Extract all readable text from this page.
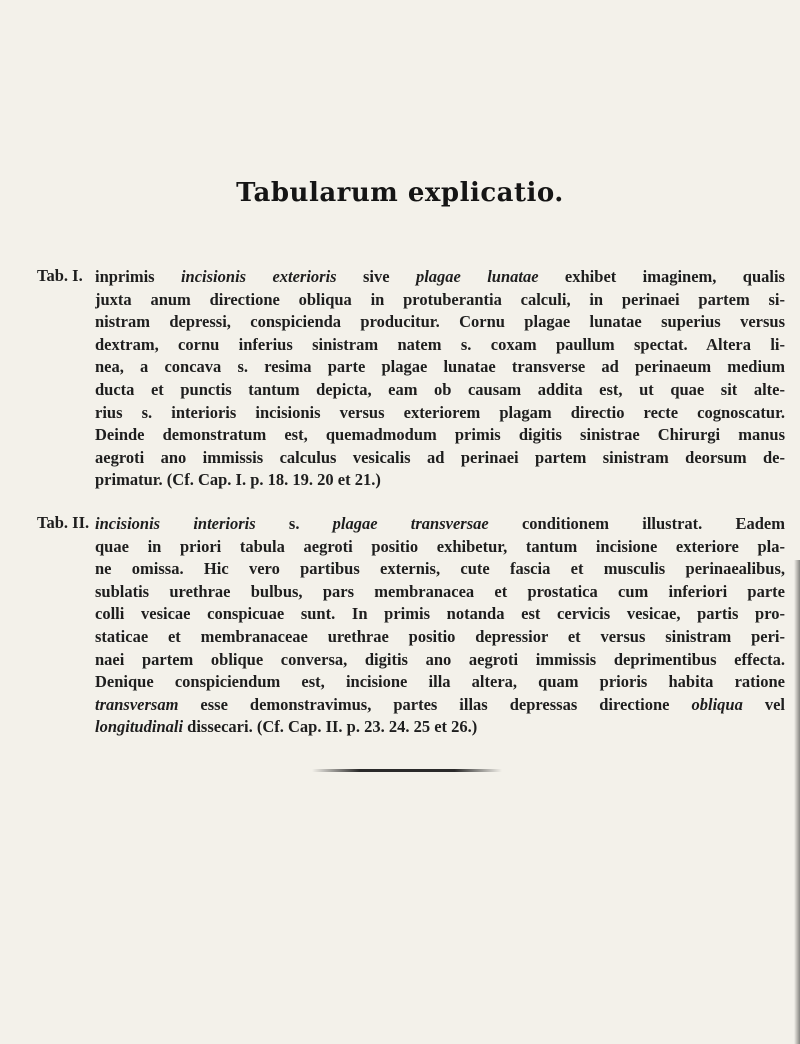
Tabularum explicatio.
Tab. I. inprimis incisionis exterioris sive plagae lunatae exhibet imaginem, qualis
juxta anum directione obliqua in protuberantia calculi, in perinaei partem si-
nistram depressi, conspicienda producitur. Cornu plagae lunatae superius versus
dextram, cornu inferius sinistram natem s. coxam paullum spectat. Altera li-
nea, a concava s. resima parte plagae lunatae transverse ad perinaeum medium
ducta et punctis tantum depicta, eam ob causam addita est, ut quae sit alte-
rius s. interioris incisionis versus exteriorem plagam directio recte cognoscatur.
Deinde demonstratum est, quemadmodum primis digitis sinistrae Chirurgi manus
aegroti ano immissis calculus vesicalis ad perinaei partem sinistram deorsum de-
primatur. (Cf. Cap. I. p. 18. 19. 20 et 21.)
Tab. II. incisionis interioris s. plagae transversae conditionem illustrat. Eadem
quae in priori tabula aegroti positio exhibetur, tantum incisione exteriore pla-
ne omissa. Hic vero partibus externis, cute fascia et musculis perinaealibus,
sublatis urethrae bulbus, pars membranacea et prostatica cum inferiori parte
colli vesicae conspicuae sunt. In primis notanda est cervicis vesicae, partis pro-
staticae et membranaceae urethrae positio depressior et versus sinistram peri-
naei partem oblique conversa, digitis ano aegroti immissis deprimentibus effecta.
Denique conspiciendum est, incisione illa altera, quam prioris habita ratione
transversam esse demonstravimus, partes illas depressas directione obliqua vel
longitudinali dissecari. (Cf. Cap. II. p. 23. 24. 25 et 26.)
